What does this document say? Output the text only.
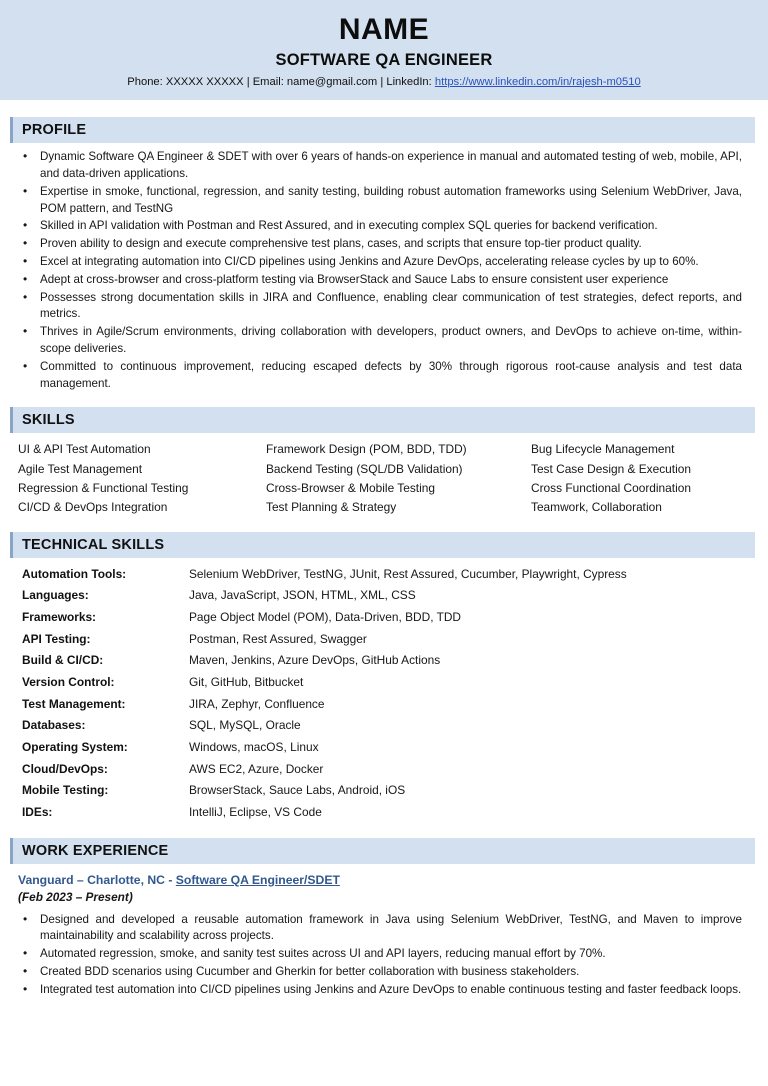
NAME
SOFTWARE QA ENGINEER
Phone: XXXXX XXXXX | Email: name@gmail.com | LinkedIn: https://www.linkedin.com/in/rajesh-m0510
PROFILE
• Dynamic Software QA Engineer & SDET with over 6 years of hands-on experience in manual and automated testing of web, mobile, API, and data-driven applications.
• Expertise in smoke, functional, regression, and sanity testing, building robust automation frameworks using Selenium WebDriver, Java, POM pattern, and TestNG
• Skilled in API validation with Postman and Rest Assured, and in executing complex SQL queries for backend verification.
• Proven ability to design and execute comprehensive test plans, cases, and scripts that ensure top-tier product quality.
• Excel at integrating automation into CI/CD pipelines using Jenkins and Azure DevOps, accelerating release cycles by up to 60%.
• Adept at cross-browser and cross-platform testing via BrowserStack and Sauce Labs to ensure consistent user experience
• Possesses strong documentation skills in JIRA and Confluence, enabling clear communication of test strategies, defect reports, and metrics.
• Thrives in Agile/Scrum environments, driving collaboration with developers, product owners, and DevOps to achieve on-time, within-scope deliveries.
• Committed to continuous improvement, reducing escaped defects by 30% through rigorous root-cause analysis and test data management.
SKILLS
UI & API Test Automation	Framework Design (POM, BDD, TDD)	Bug Lifecycle Management
Agile Test Management	Backend Testing (SQL/DB Validation)	Test Case Design & Execution
Regression & Functional Testing	Cross-Browser & Mobile Testing	Cross Functional Coordination
CI/CD & DevOps Integration	Test Planning & Strategy	Teamwork, Collaboration
TECHNICAL SKILLS
Automation Tools:	Selenium WebDriver, TestNG, JUnit, Rest Assured, Cucumber, Playwright, Cypress
Languages:	Java, JavaScript, JSON, HTML, XML, CSS
Frameworks:	Page Object Model (POM), Data-Driven, BDD, TDD
API Testing:	Postman, Rest Assured, Swagger
Build & CI/CD:	Maven, Jenkins, Azure DevOps, GitHub Actions
Version Control:	Git, GitHub, Bitbucket
Test Management:	JIRA, Zephyr, Confluence
Databases:	SQL, MySQL, Oracle
Operating System:	Windows, macOS, Linux
Cloud/DevOps:	AWS EC2, Azure, Docker
Mobile Testing:	BrowserStack, Sauce Labs, Android, iOS
IDEs:	IntelliJ, Eclipse, VS Code
WORK EXPERIENCE
Vanguard – Charlotte, NC - Software QA Engineer/SDET
(Feb 2023 – Present)
• Designed and developed a reusable automation framework in Java using Selenium WebDriver, TestNG, and Maven to improve maintainability and scalability across projects.
• Automated regression, smoke, and sanity test suites across UI and API layers, reducing manual effort by 70%.
• Created BDD scenarios using Cucumber and Gherkin for better collaboration with business stakeholders.
• Integrated test automation into CI/CD pipelines using Jenkins and Azure DevOps to enable continuous testing and faster feedback loops.
